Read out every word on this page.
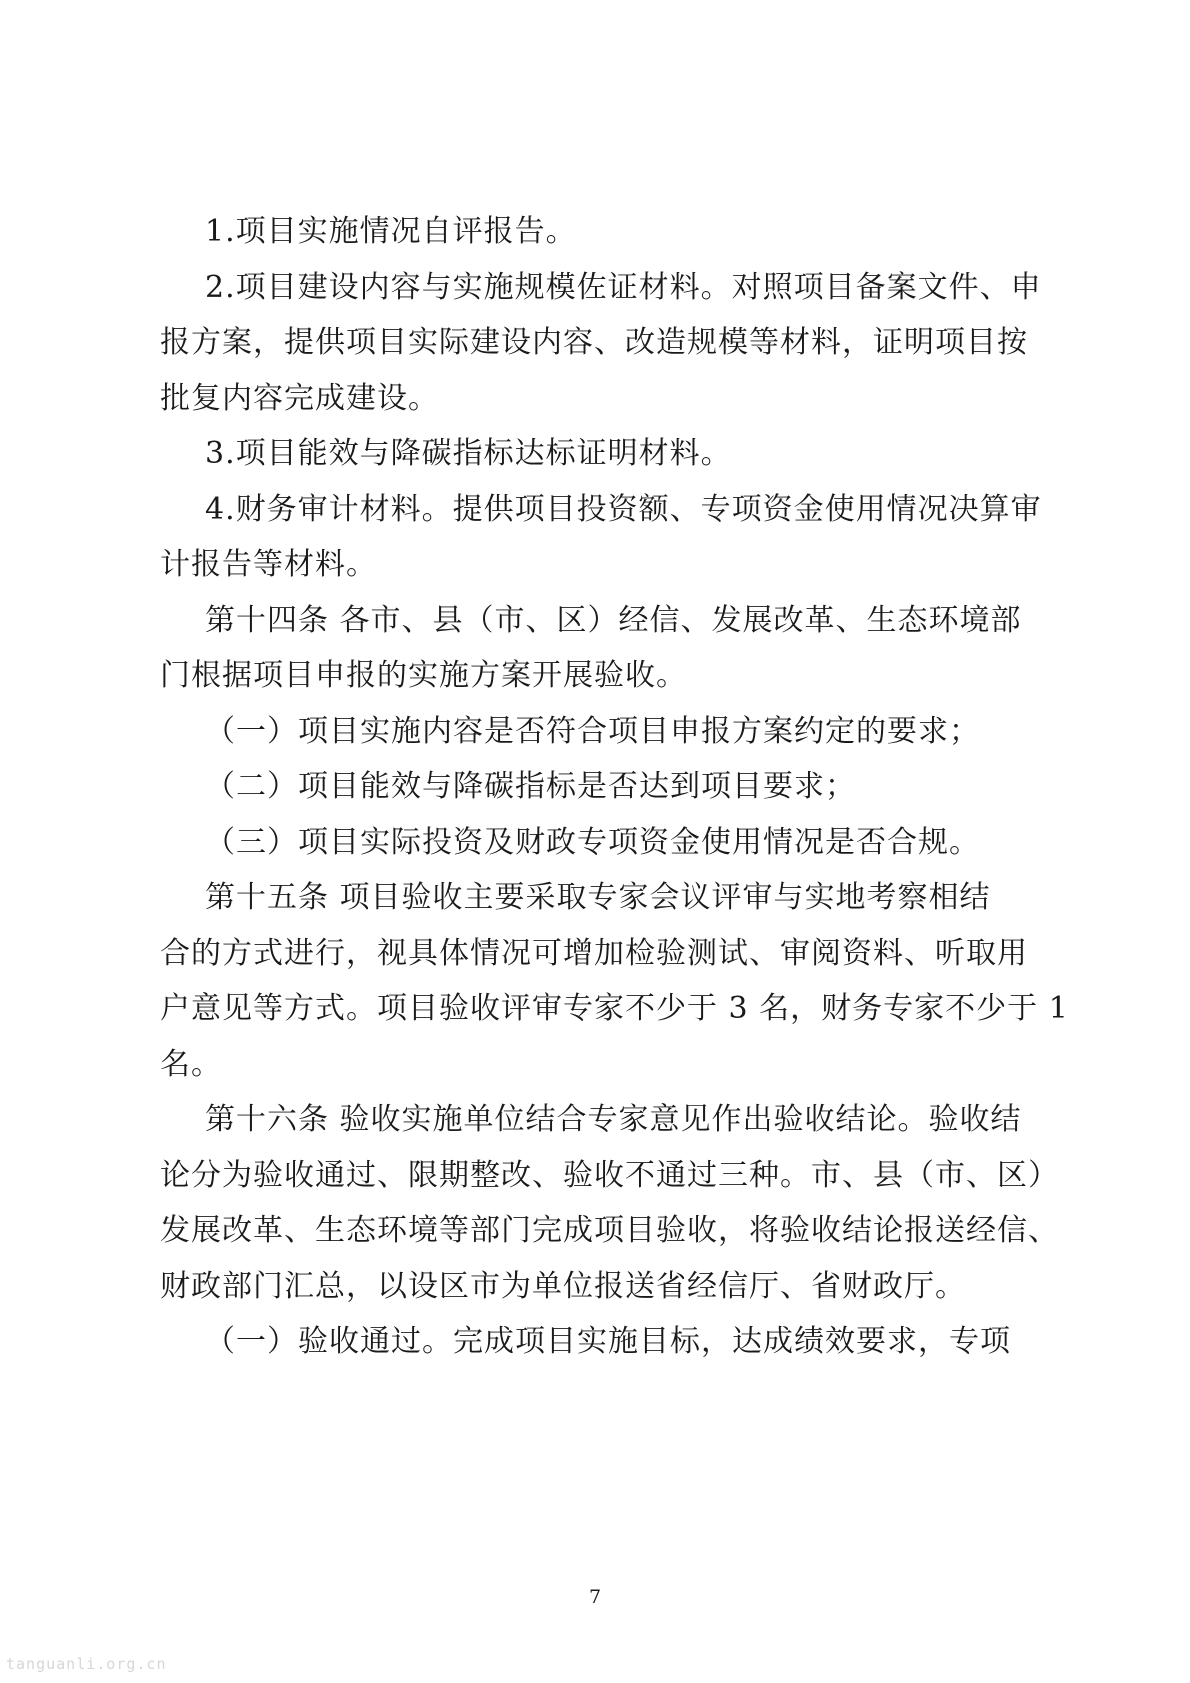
1.项目实施情况自评报告。
2.项目建设内容与实施规模佐证材料。对照项目备案文件、申
报方案，提供项目实际建设内容、改造规模等材料，证明项目按
批复内容完成建设。
3.项目能效与降碳指标达标证明材料。
4.财务审计材料。提供项目投资额、专项资金使用情况决算审
计报告等材料。
第十四条 各市、县（市、区）经信、发展改革、生态环境部
门根据项目申报的实施方案开展验收。
（一）项目实施内容是否符合项目申报方案约定的要求；
（二）项目能效与降碳指标是否达到项目要求；
（三）项目实际投资及财政专项资金使用情况是否合规。
第十五条 项目验收主要采取专家会议评审与实地考察相结
合的方式进行，视具体情况可增加检验测试、审阅资料、听取用
户意见等方式。项目验收评审专家不少于 3 名，财务专家不少于 1
名。
第十六条 验收实施单位结合专家意见作出验收结论。验收结
论分为验收通过、限期整改、验收不通过三种。市、县（市、区）
发展改革、生态环境等部门完成项目验收，将验收结论报送经信、
财政部门汇总，以设区市为单位报送省经信厅、省财政厅。
（一）验收通过。完成项目实施目标，达成绩效要求，专项
7
tanguanli.org.cn
